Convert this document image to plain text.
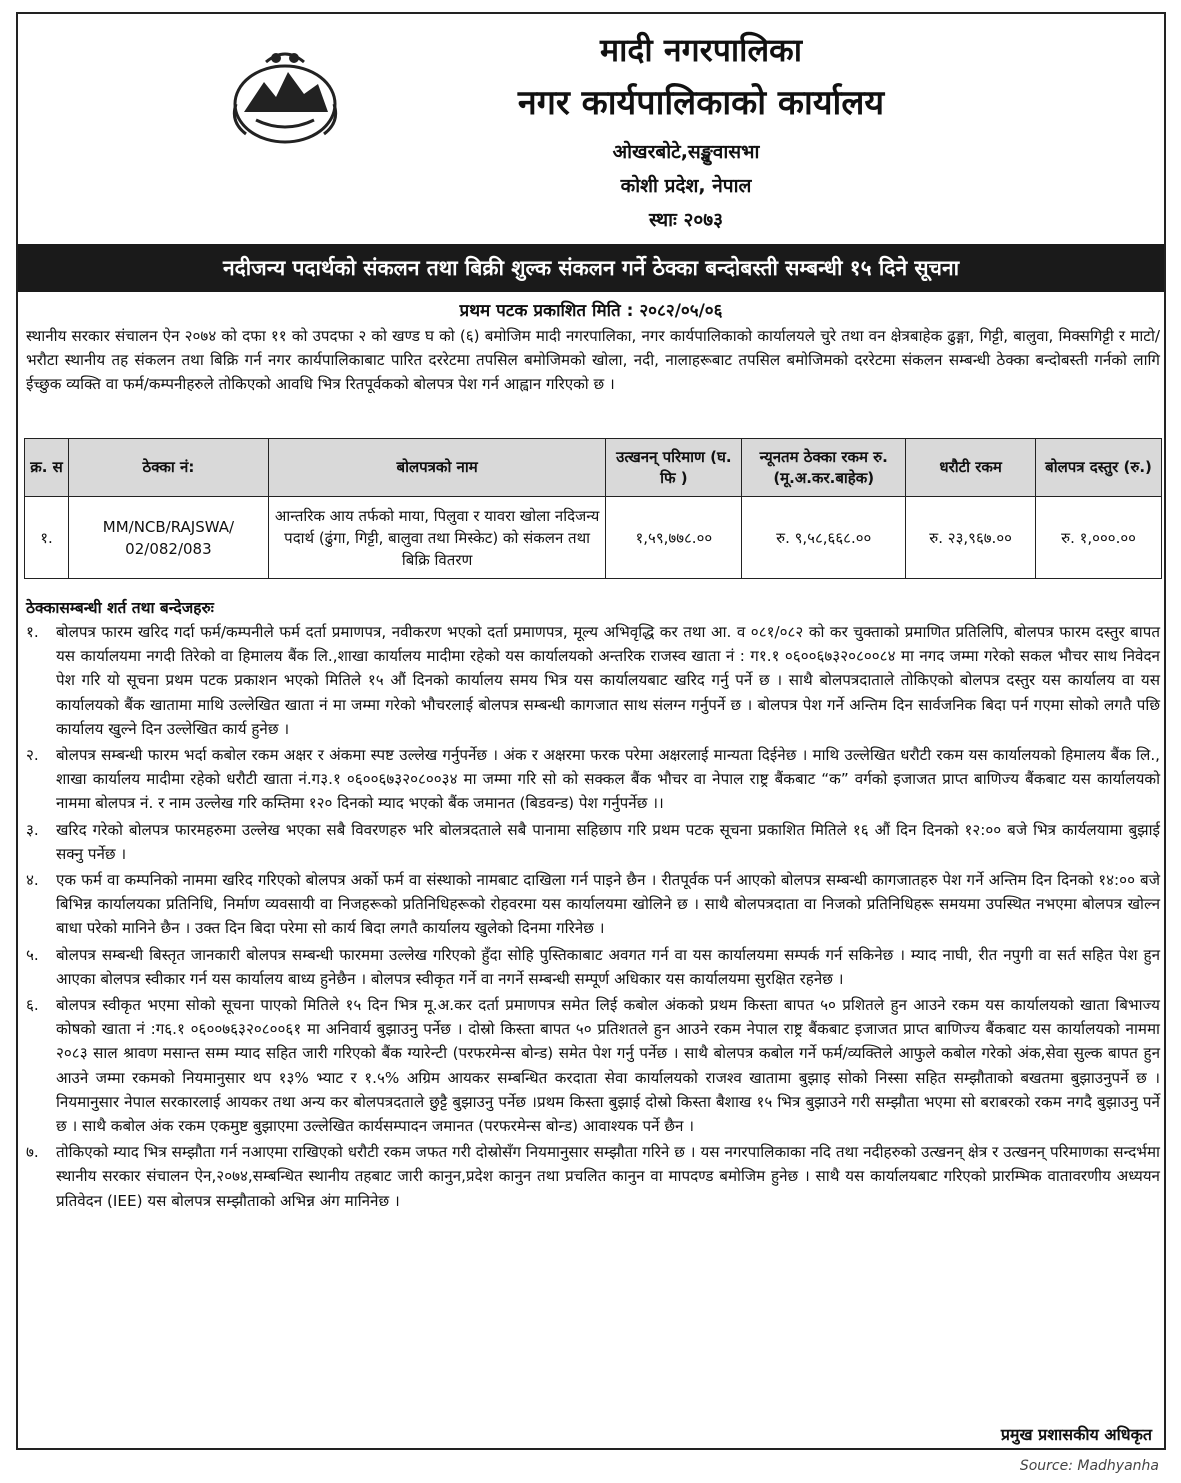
मादी नगरपालिका
नगर कार्यपालिकाको कार्यालय
ओखरबोटे,सङ्खुवासभा
कोशी प्रदेश, नेपाल
स्थाः २०७३
नदीजन्य पदार्थको संकलन तथा बिक्री शुल्क संकलन गर्ने ठेक्का बन्दोबस्ती सम्बन्धी १५ दिने सूचना
प्रथम पटक प्रकाशित मिति : २०८२/०५/०६

स्थानीय सरकार संचालन ऐन २०७४ को दफा ११ को उपदफा २ को खण्ड घ को (६) बमोजिम मादी नगरपालिका, नगर कार्यपालिकाको कार्यालयले चुरे तथा वन क्षेत्रबाहेक ढुङ्गा, गिट्टी, बालुवा, मिक्सगिट्टी र माटो/भरौटा स्थानीय तह संकलन तथा बिक्रि गर्न नगर कार्यपालिकाबाट पारित दररेटमा तपसिल बमोजिमको खोला, नदी, नालाहरूबाट तपसिल बमोजिमको दररेटमा संकलन सम्बन्धी ठेक्का बन्दोबस्ती गर्नको लागि ईच्छुक व्यक्ति वा फर्म/कम्पनीहरुले तोकिएको आवधि भित्र रितपूर्वकको बोलपत्र पेश गर्न आह्वान गरिएको छ ।

क्र. स	ठेक्का नं:	बोलपत्रको नाम	उत्खनन् परिमाण (घ. फि )	न्यूनतम ठेक्का रकम रु. (मू.अ.कर.बाहेक)	धरौटी रकम	बोलपत्र दस्तुर (रु.)
१.	MM/NCB/RAJSWA/ 02/082/083	आन्तरिक आय तर्फको माया, पिलुवा र यावरा खोला नदिजन्य पदार्थ (ढुंगा, गिट्टी, बालुवा तथा मिस्केट) को संकलन तथा बिक्रि वितरण	१,५९,७७८.००	रु. ९,५८,६६८.००	रु. २३,९६७.००	रु. १,०००.००
ठेक्कासम्बन्धी शर्त तथा बन्देजहरुः
१. बोलपत्र फारम खरिद गर्दा फर्म/कम्पनीले फर्म दर्ता प्रमाणपत्र, नवीकरण भएको दर्ता प्रमाणपत्र, मूल्य अभिवृद्धि कर तथा आ. व ०८१/०८२ को कर चुक्ताको प्रमाणित प्रतिलिपि, बोलपत्र फारम दस्तुर बापत यस कार्यालयमा नगदी तिरेको वा हिमालय बैंक लि.,शाखा कार्यालय मादीमा रहेको यस कार्यालयको अन्तरिक राजस्व खाता नं : ग१.१ ०६००६७३२०८००८४ मा नगद जम्मा गरेको सकल भौचर साथ निवेदन पेश गरि यो सूचना प्रथम पटक प्रकाशन भएको मितिले १५ औं दिनको कार्यालय समय भित्र यस कार्यालयबाट खरिद गर्नु पर्ने छ । साथै बोलपत्रदाताले तोकिएको बोलपत्र दस्तुर यस कार्यालय वा यस कार्यालयको बैंक खातामा माथि उल्लेखित खाता नं मा जम्मा गरेको भौचरलाई बोलपत्र सम्बन्धी कागजात साथ संलग्न गर्नुपर्ने छ । बोलपत्र पेश गर्ने अन्तिम दिन सार्वजनिक बिदा पर्न गएमा सोको लगतै पछि कार्यालय खुल्ने दिन उल्लेखित कार्य हुनेछ ।
२. बोलपत्र सम्बन्धी फारम भर्दा कबोल रकम अक्षर र अंकमा स्पष्ट उल्लेख गर्नुपर्नेछ । अंक र अक्षरमा फरक परेमा अक्षरलाई मान्यता दिईनेछ । माथि उल्लेखित धरौटी रकम यस कार्यालयको हिमालय बैंक लि., शाखा कार्यालय मादीमा रहेको धरौटी खाता नं.ग३.१ ०६००६७३२०८००३४ मा जम्मा गरि सो को सक्कल बैंक भौचर वा नेपाल राष्ट्र बैंकबाट “क” वर्गको इजाजत प्राप्त बाणिज्य बैंकबाट यस कार्यालयको नाममा बोलपत्र नं. र नाम उल्लेख गरि कम्तिमा १२० दिनको म्याद भएको बैंक जमानत (बिडवन्ड) पेश गर्नुपर्नेछ ।।
३. खरिद गरेको बोलपत्र फारमहरुमा उल्लेख भएका सबै विवरणहरु भरि बोलत्रदताले सबै पानामा सहिछाप गरि प्रथम पटक सूचना प्रकाशित मितिले १६ औं दिन दिनको १२:०० बजे भित्र कार्यलयामा बुझाई सक्नु पर्नेछ ।
४. एक फर्म वा कम्पनिको नाममा खरिद गरिएको बोलपत्र अर्को फर्म वा संस्थाको नामबाट दाखिला गर्न पाइने छैन । रीतपूर्वक पर्न आएको बोलपत्र सम्बन्धी कागजातहरु पेश गर्ने अन्तिम दिन दिनको १४:०० बजे बिभिन्न कार्यालयका प्रतिनिधि, निर्माण व्यवसायी वा निजहरूको प्रतिनिधिहरूको रोहवरमा यस कार्यालयमा खोलिने छ । साथै बोलपत्रदाता वा निजको प्रतिनिधिहरू समयमा उपस्थित नभएमा बोलपत्र खोल्न बाधा परेको मानिने छैन । उक्त दिन बिदा परेमा सो कार्य बिदा लगतै कार्यालय खुलेको दिनमा गरिनेछ ।
५. बोलपत्र सम्बन्धी बिस्तृत जानकारी बोलपत्र सम्बन्धी फारममा उल्लेख गरिएको हुँदा सोहि पुस्तिकाबाट अवगत गर्न वा यस कार्यालयमा सम्पर्क गर्न सकिनेछ । म्याद नाघी, रीत नपुगी वा सर्त सहित पेश हुन आएका बोलपत्र स्वीकार गर्न यस कार्यालय बाध्य हुनेछैन । बोलपत्र स्वीकृत गर्ने वा नगर्ने सम्बन्धी सम्पूर्ण अधिकार यस कार्यालयमा सुरक्षित रहनेछ ।
६. बोलपत्र स्वीकृत भएमा सोको सूचना पाएको मितिले १५ दिन भित्र मू.अ.कर दर्ता प्रमाणपत्र समेत लिई कबोल अंकको प्रथम किस्ता बापत ५० प्रशितले हुन आउने रकम यस कार्यालयको खाता बिभाज्य कोषको खाता नं :ग६.१ ०६००७६३२०८००६१ मा अनिवार्य बुझाउनु पर्नेछ । दोस्रो किस्ता बापत ५० प्रतिशतले हुन आउने रकम नेपाल राष्ट्र बैंकबाट इजाजत प्राप्त बाणिज्य बैंकबाट यस कार्यालयको नाममा २०८३ साल श्रावण मसान्त सम्म म्याद सहित जारी गरिएको बैंक ग्यारेन्टी (परफरमेन्स बोन्ड) समेत पेश गर्नु पर्नेछ । साथै बोलपत्र कबोल गर्ने फर्म/व्यक्तिले आफुले कबोल गरेको अंक,सेवा सुल्क बापत हुन आउने जम्मा रकमको नियमानुसार थप १३% भ्याट र १.५% अग्रिम आयकर सम्बन्धित करदाता सेवा कार्यालयको राजश्व खातामा बुझाइ सोको निस्सा सहित सम्झौताको बखतमा बुझाउनुपर्ने छ । नियमानुसार नेपाल सरकारलाई आयकर तथा अन्य कर बोलपत्रदताले छुट्टै बुझाउनु पर्नेछ ।प्रथम किस्ता बुझाई दोस्रो किस्ता बैशाख १५ भित्र बुझाउने गरी सम्झौता भएमा सो बराबरको रकम नगदै बुझाउनु पर्ने छ । साथै कबोल अंक रकम एकमुष्ट बुझाएमा उल्लेखित कार्यसम्पादन जमानत (परफरमेन्स बोन्ड) आवाश्यक पर्ने छैन ।
७. तोकिएको म्याद भित्र सम्झौता गर्न नआएमा राखिएको धरौटी रकम जफत गरी दोस्रोसँग नियमानुसार सम्झौता गरिने छ । यस नगरपालिकाका नदि तथा नदीहरुको उत्खनन् क्षेत्र र उत्खनन् परिमाणका सन्दर्भमा स्थानीय सरकार संचालन ऐन,२०७४,सम्बन्धित स्थानीय तहबाट जारी कानुन,प्रदेश कानुन तथा प्रचलित कानुन वा मापदण्ड बमोजिम हुनेछ । साथै यस कार्यालयबाट गरिएको प्रारम्भिक वातावरणीय अध्ययन प्रतिवेदन (IEE) यस बोलपत्र सम्झौताको अभिन्न अंग मानिनेछ ।
प्रमुख प्रशासकीय अधिकृत
Source: Madhyanha
